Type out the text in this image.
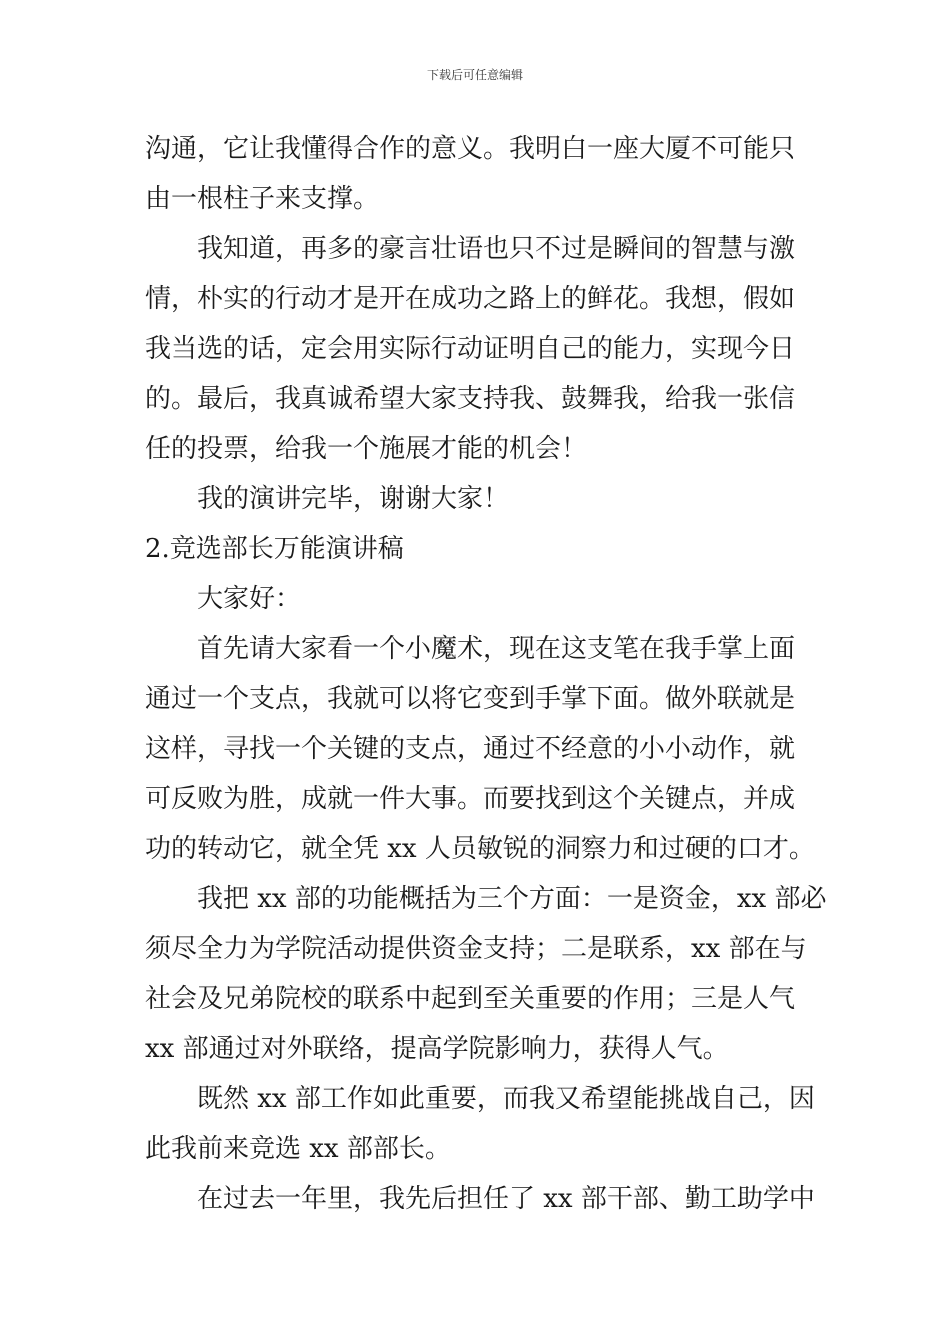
下载后可任意编辑
沟通，它让我懂得合作的意义。我明白一座大厦不可能只
由一根柱子来支撑。
我知道，再多的豪言壮语也只不过是瞬间的智慧与激
情，朴实的行动才是开在成功之路上的鲜花。我想，假如
我当选的话，定会用实际行动证明自己的能力，实现今日
的。最后，我真诚希望大家支持我、鼓舞我，给我一张信
任的投票，给我一个施展才能的机会！
我的演讲完毕，谢谢大家！
2.竞选部长万能演讲稿
大家好：
首先请大家看一个小魔术，现在这支笔在我手掌上面
通过一个支点，我就可以将它变到手掌下面。做外联就是
这样，寻找一个关键的支点，通过不经意的小小动作，就
可反败为胜，成就一件大事。而要找到这个关键点，并成
功的转动它，就全凭 xx 人员敏锐的洞察力和过硬的口才。
我把 xx 部的功能概括为三个方面：一是资金，xx 部必
须尽全力为学院活动提供资金支持；二是联系，xx 部在与
社会及兄弟院校的联系中起到至关重要的作用；三是人气
xx 部通过对外联络，提高学院影响力，获得人气。
既然 xx 部工作如此重要，而我又希望能挑战自己，因
此我前来竞选 xx 部部长。
在过去一年里，我先后担任了 xx 部干部、勤工助学中
